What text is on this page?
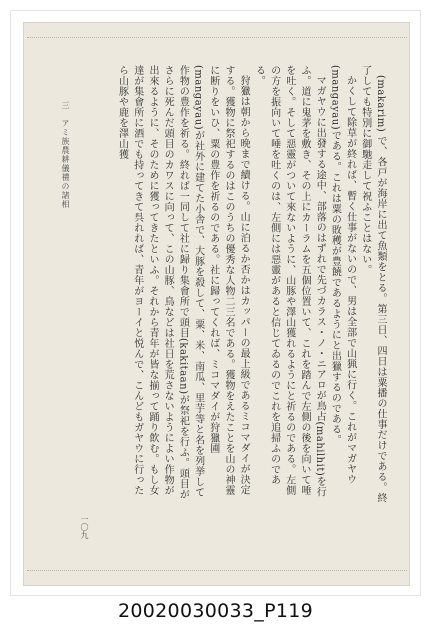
三　アミ族農耕儀禮の諸相
一〇九

(makarim) で、各戸が海岸に出て魚類をとる。第三日、四日は粟播の仕事だけである。終了しても特別に御馳走して祝ふことはない。

かくして除草が終れば、暫く仕事がないので、男は全部で山猟に行く。これがマガヤウ(mangayau)である。これは粟の敗穫が豊饒であるようにと出獵するのである。

マガヤウに出發する途中、部落のはずれで先づカラス・ノ・ニアロが鳥占(mahilhit)を行ふ。道に鬼茅を敷き、その上にカーラムを五個位置いて、これを踏んで左側の後を向いて唾を吐く。そして惡靈がついて來ないように、山豚や澤山獲れるようにと祈るのである。左側の方を振向いて唾を吐くのは、左側には惡靈があると信じてゐるのでこれを追掃ふのである。

狩獵は朝から晩まで續ける。山に泊るか否かはカッパーの最上級であるミコマダイが決定する。獲物に祭祀するのはこのうちの優秀な人物二三名である。獲物をえたことを山の神靈に断りをいひ、粟の豊作を祈るのである。社に歸ってくれば、ミコマダイが狩獵圃(mangayau)が社外に建てた小舎で、大豚を殺して、粟、米、南瓜、里芋等と名を列挙して作物の豊作を祈る。終れば一同して社に歸り集會所で頭目(kakitaan)が祭祀を行ふ。頭目がさらに死んだ頭目のカワスに向って、この山豚、鳥などは社日を荒さないようによい作物が出來るように、そのために獲ってきたといふ。それから青年が皆な揃って踊り飲む。もし女達が集會所に酒でも持ってきて呉れれば、青年がヨーイと悦んで、こんどもガヤウに行ったら山豚や鹿を澤山獲

20020030033_P119
